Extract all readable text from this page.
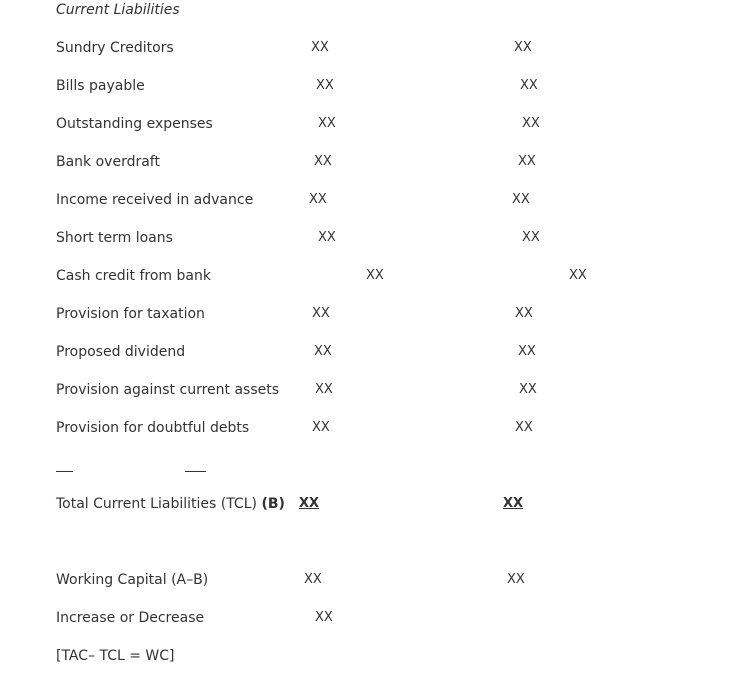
Current Liabilities
Sundry Creditors	XX	XX
Bills payable	XX	XX
Outstanding expenses	XX	XX
Bank overdraft	XX	XX
Income received in advance	XX	XX
Short term loans	XX	XX
Cash credit from bank	XX	XX
Provision for taxation	XX	XX
Proposed dividend	XX	XX
Provision against current assets	XX	XX
Provision for doubtful debts	XX	XX
Total Current Liabilities (TCL) (B) XX	XX
Working Capital (A–B)	XX	XX
Increase or Decrease	XX
[TAC– TCL = WC]
